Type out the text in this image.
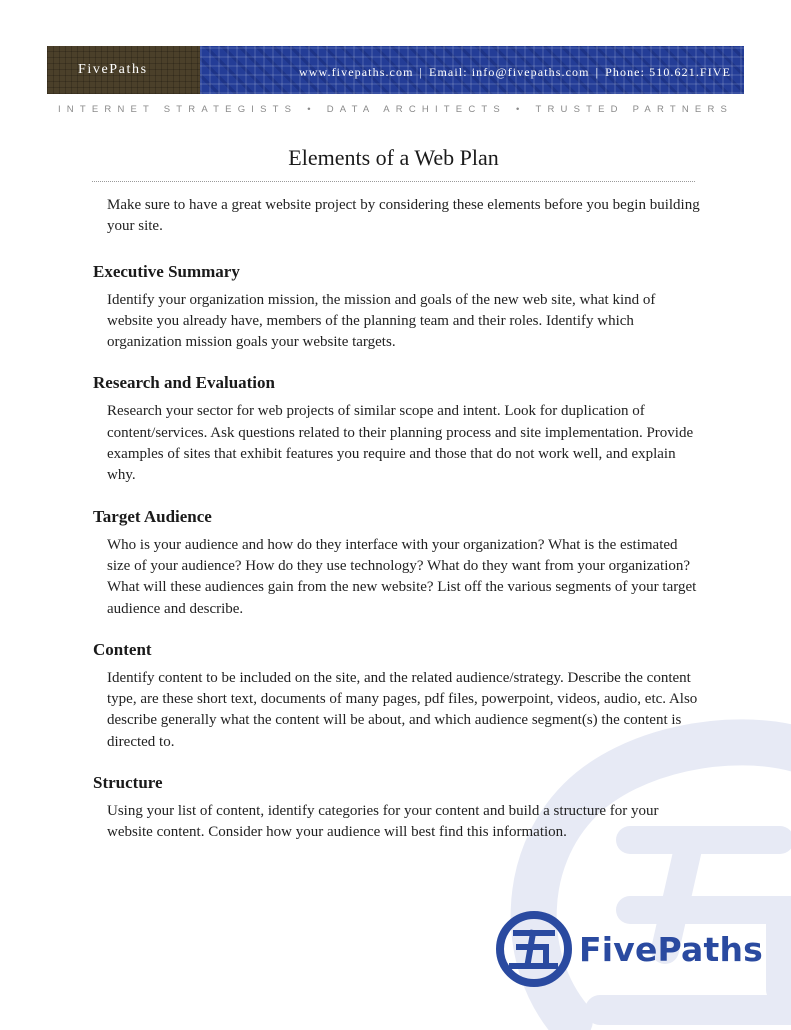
FivePaths	www.fivepaths.com | Email: info@fivepaths.com | Phone: 510.621.FIVE
INTERNET STRATEGISTS • DATA ARCHITECTS • TRUSTED PARTNERS
Elements of a Web Plan

Make sure to have a great website project by considering these elements before you begin building your site.

Executive Summary

Identify your organization mission, the mission and goals of the new web site, what kind of website you already have, members of the planning team and their roles. Identify which organization mission goals your website targets.

Research and Evaluation

Research your sector for web projects of similar scope and intent. Look for duplication of content/services. Ask questions related to their planning process and site implementation. Provide examples of sites that exhibit features you require and those that do not work well, and explain why.

Target Audience

Who is your audience and how do they interface with your organization? What is the estimated size of your audience? How do they use technology? What do they want from your organization? What will these audiences gain from the new website? List off the various segments of your target audience and describe.

Content

Identify content to be included on the site, and the related audience/strategy. Describe the content type, are these short text, documents of many pages, pdf files, powerpoint, videos, audio, etc. Also describe generally what the content will be about, and which audience segment(s) the content is directed to.

Structure

Using your list of content, identify categories for your content and build a structure for your website content. Consider how your audience will best find this information.

FivePaths
